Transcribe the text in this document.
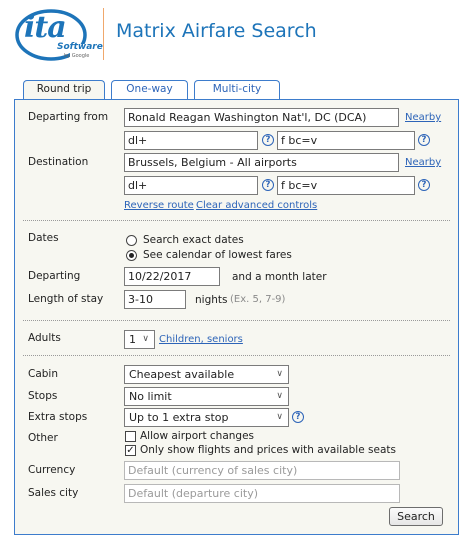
ita
Software
by Google
Matrix Airfare Search
Round trip	One-way	Multi-city
Departing from	Ronald Reagan Washington Nat'l, DC (DCA)	Nearby
dl+	? f bc=v	?
Destination	Brussels, Belgium - All airports	Nearby
dl+	? f bc=v	?
Reverse route Clear advanced controls
Dates	Search exact dates
See calendar of lowest fares
Departing	10/22/2017	and a month later
Length of stay	3-10	nights (Ex. 5, 7-9)
Adults	1 ∨ Children, seniors
Cabin	Cheapest available	∨
Stops	No limit	∨
Extra stops	Up to 1 extra stop	∨	?
Other	Allow airport changes
✓ Only show flights and prices with available seats
Currency	Default (currency of sales city)
Sales city	Default (departure city)
Search
